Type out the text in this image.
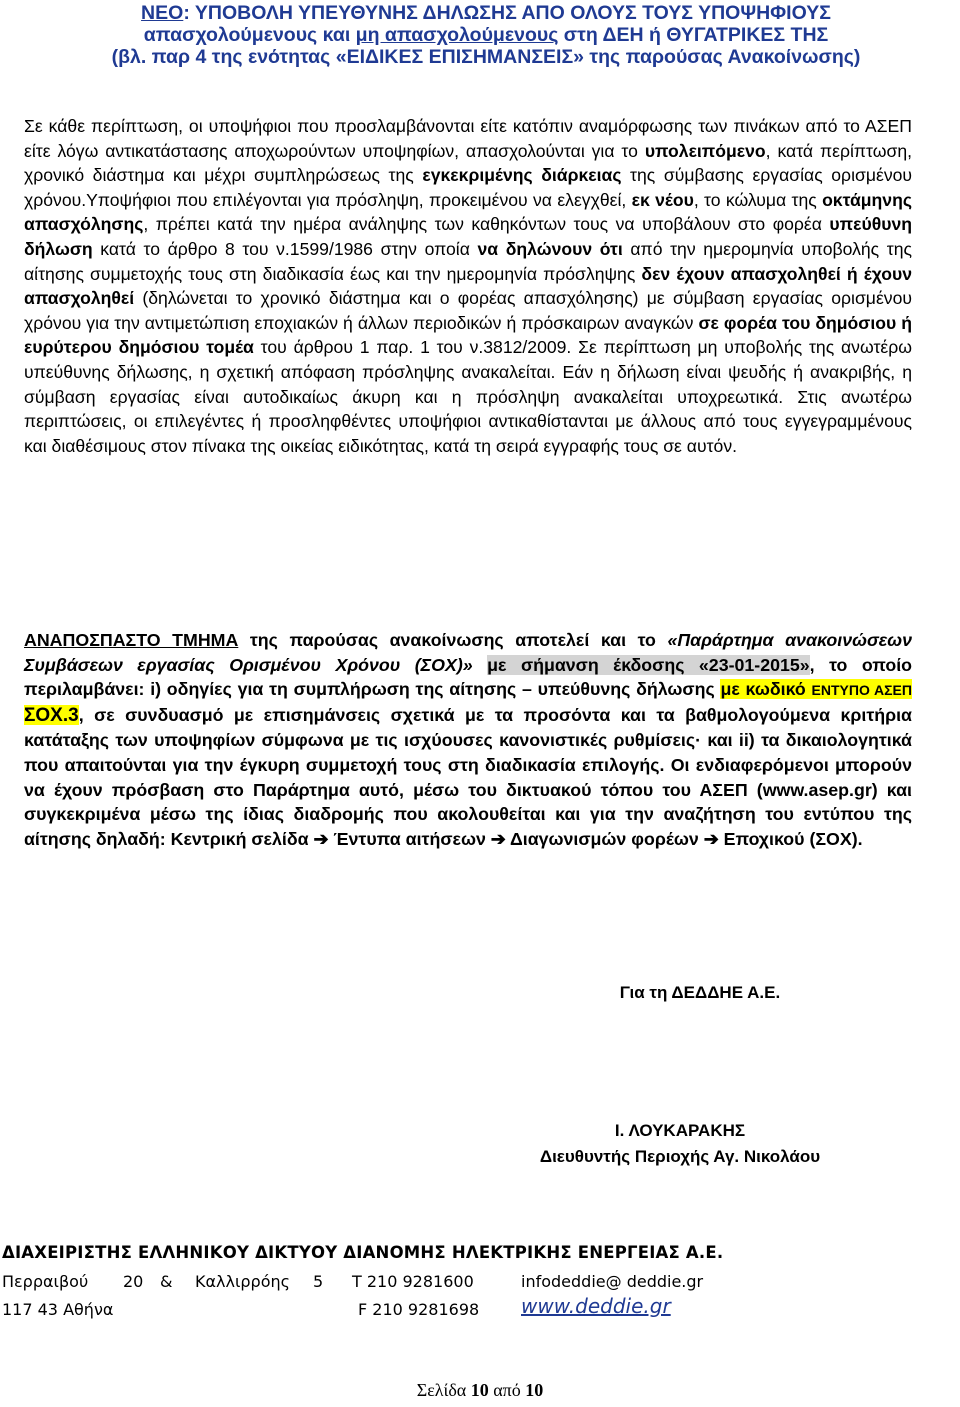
ΝΕΟ: ΥΠΟΒΟΛΗ ΥΠΕΥΘΥΝΗΣ ΔΗΛΩΣΗΣ ΑΠΟ ΟΛΟΥΣ ΤΟΥΣ ΥΠΟΨΗΦΙΟΥΣ
απασχολούμενους και μη απασχολούμενους στη ΔΕΗ ή ΘΥΓΑΤΡΙΚΕΣ ΤΗΣ
(βλ. παρ 4 της ενότητας «ΕΙΔΙΚΕΣ ΕΠΙΣΗΜΑΝΣΕΙΣ» της παρούσας Ανακοίνωσης)
Σε κάθε περίπτωση, οι υποψήφιοι που προσλαμβάνονται είτε κατόπιν αναμόρφωσης των πινάκων από το ΑΣΕΠ είτε λόγω αντικατάστασης αποχωρούντων υποψηφίων, απασχολούνται για το υπολειπόμενο, κατά περίπτωση, χρονικό διάστημα και μέχρι συμπληρώσεως της εγκεκριμένης διάρκειας της σύμβασης εργασίας ορισμένου χρόνου.Υποψήφιοι που επιλέγονται για πρόσληψη, προκειμένου να ελεγχθεί, εκ νέου, το κώλυμα της οκτάμηνης απασχόλησης, πρέπει κατά την ημέρα ανάληψης των καθηκόντων τους να υποβάλουν στο φορέα υπεύθυνη δήλωση κατά το άρθρο 8 του ν.1599/1986 στην οποία να δηλώνουν ότι από την ημερομηνία υποβολής της αίτησης συμμετοχής τους στη διαδικασία έως και την ημερομηνία πρόσληψης δεν έχουν απασχοληθεί ή έχουν απασχοληθεί (δηλώνεται το χρονικό διάστημα και ο φορέας απασχόλησης) με σύμβαση εργασίας ορισμένου χρόνου για την αντιμετώπιση εποχιακών ή άλλων περιοδικών ή πρόσκαιρων αναγκών σε φορέα του δημόσιου ή ευρύτερου δημόσιου τομέα του άρθρου 1 παρ. 1 του ν.3812/2009. Σε περίπτωση μη υποβολής της ανωτέρω υπεύθυνης δήλωσης, η σχετική απόφαση πρόσληψης ανακαλείται. Εάν η δήλωση είναι ψευδής ή ανακριβής, η σύμβαση εργασίας είναι αυτοδικαίως άκυρη και η πρόσληψη ανακαλείται υποχρεωτικά. Στις ανωτέρω περιπτώσεις, οι επιλεγέντες ή προσληφθέντες υποψήφιοι αντικαθίστανται με άλλους από τους εγγεγραμμένους και διαθέσιμους στον πίνακα της οικείας ειδικότητας, κατά τη σειρά εγγραφής τους σε αυτόν.
ΑΝΑΠΟΣΠΑΣΤΟ ΤΜΗΜΑ της παρούσας ανακοίνωσης αποτελεί και το «Παράρτημα ανακοινώσεων Συμβάσεων εργασίας Ορισμένου Χρόνου (ΣΟΧ)» με σήμανση έκδοσης «23-01-2015», το οποίο περιλαμβάνει: i) οδηγίες για τη συμπλήρωση της αίτησης – υπεύθυνης δήλωσης με κωδικό ΕΝΤΥΠΟ ΑΣΕΠ ΣΟΧ.3, σε συνδυασμό με επισημάνσεις σχετικά με τα προσόντα και τα βαθμολογούμενα κριτήρια κατάταξης των υποψηφίων σύμφωνα με τις ισχύουσες κανονιστικές ρυθμίσεις· και ii) τα δικαιολογητικά που απαιτούνται για την έγκυρη συμμετοχή τους στη διαδικασία επιλογής. Οι ενδιαφερόμενοι μπορούν να έχουν πρόσβαση στο Παράρτημα αυτό, μέσω του δικτυακού τόπου του ΑΣΕΠ (www.asep.gr) και συγκεκριμένα μέσω της ίδιας διαδρομής που ακολουθείται και για την αναζήτηση του εντύπου της αίτησης δηλαδή: Κεντρική σελίδα ➔ Έντυπα αιτήσεων ➔ Διαγωνισμών φορέων ➔ Εποχικού (ΣΟΧ).
Για τη ΔΕΔΔΗΕ Α.Ε.
Ι. ΛΟΥΚΑΡΑΚΗΣ
Διευθυντής Περιοχής Αγ. Νικολάου
ΔΙΑΧΕΙΡΙΣΤΗΣ ΕΛΛΗΝΙΚΟΥ ΔΙΚΤΥΟΥ ΔΙΑΝΟΜΗΣ ΗΛΕΚΤΡΙΚΗΣ ΕΝΕΡΓΕΙΑΣ Α.Ε.
Περραιβού 20 & Καλλιρρόης 5 Τ 210 9281600	infodeddie@ deddie.gr
117 43 Αθήνα	F 210 9281698 www.deddie.gr
Σελίδα 10 από 10
